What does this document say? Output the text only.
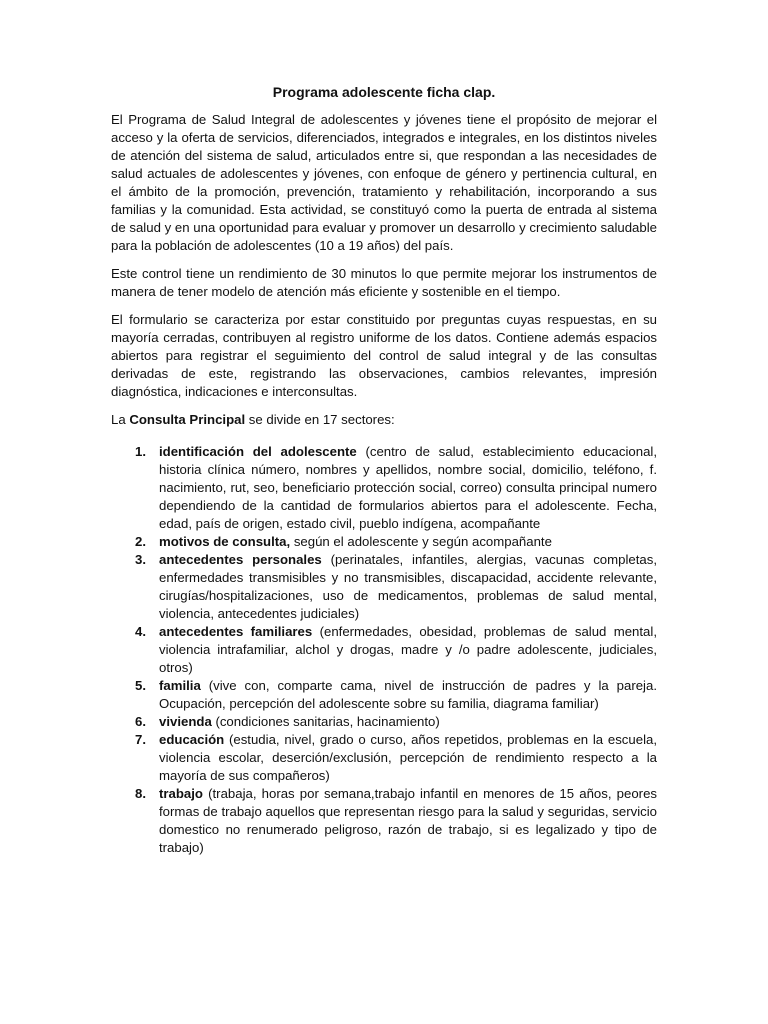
Programa adolescente ficha clap.

El Programa de Salud Integral de adolescentes y jóvenes tiene el propósito de mejorar el acceso y la oferta de servicios, diferenciados, integrados e integrales, en los distintos niveles de atención del sistema de salud, articulados entre si, que respondan a las necesidades de salud actuales de adolescentes y jóvenes, con enfoque de género y pertinencia cultural, en el ámbito de la promoción, prevención, tratamiento y rehabilitación, incorporando a sus familias y la comunidad. Esta actividad, se constituyó como la puerta de entrada al sistema de salud y en una oportunidad para evaluar y promover un desarrollo y crecimiento saludable para la población de adolescentes (10 a 19 años) del país.

Este control tiene un rendimiento de 30 minutos lo que permite mejorar los instrumentos de manera de tener modelo de atención más eficiente y sostenible en el tiempo.

El formulario se caracteriza por estar constituido por preguntas cuyas respuestas, en su mayoría cerradas, contribuyen al registro uniforme de los datos. Contiene además espacios abiertos para registrar el seguimiento del control de salud integral y de las consultas derivadas de este, registrando las observaciones, cambios relevantes, impresión diagnóstica, indicaciones e interconsultas.

La Consulta Principal se divide en 17 sectores:

1. identificación del adolescente (centro de salud, establecimiento educacional, historia clínica número, nombres y apellidos, nombre social, domicilio, teléfono, f. nacimiento, rut, seo, beneficiario protección social, correo) consulta principal numero dependiendo de la cantidad de formularios abiertos para el adolescente. Fecha, edad, país de origen, estado civil, pueblo indígena, acompañante
2. motivos de consulta, según el adolescente y según acompañante
3. antecedentes personales (perinatales, infantiles, alergias, vacunas completas, enfermedades transmisibles y no transmisibles, discapacidad, accidente relevante, cirugías/hospitalizaciones, uso de medicamentos, problemas de salud mental, violencia, antecedentes judiciales)
4. antecedentes familiares (enfermedades, obesidad, problemas de salud mental, violencia intrafamiliar, alchol y drogas, madre y /o padre adolescente, judiciales, otros)
5. familia (vive con, comparte cama, nivel de instrucción de padres y la pareja. Ocupación, percepción del adolescente sobre su familia, diagrama familiar)
6. vivienda (condiciones sanitarias, hacinamiento)
7. educación (estudia, nivel, grado o curso, años repetidos, problemas en la escuela, violencia escolar, deserción/exclusión, percepción de rendimiento respecto a la mayoría de sus compañeros)
8. trabajo (trabaja, horas por semana,trabajo infantil en menores de 15 años, peores formas de trabajo aquellos que representan riesgo para la salud y seguridas, servicio domestico no renumerado peligroso, razón de trabajo, si es legalizado y tipo de trabajo)
